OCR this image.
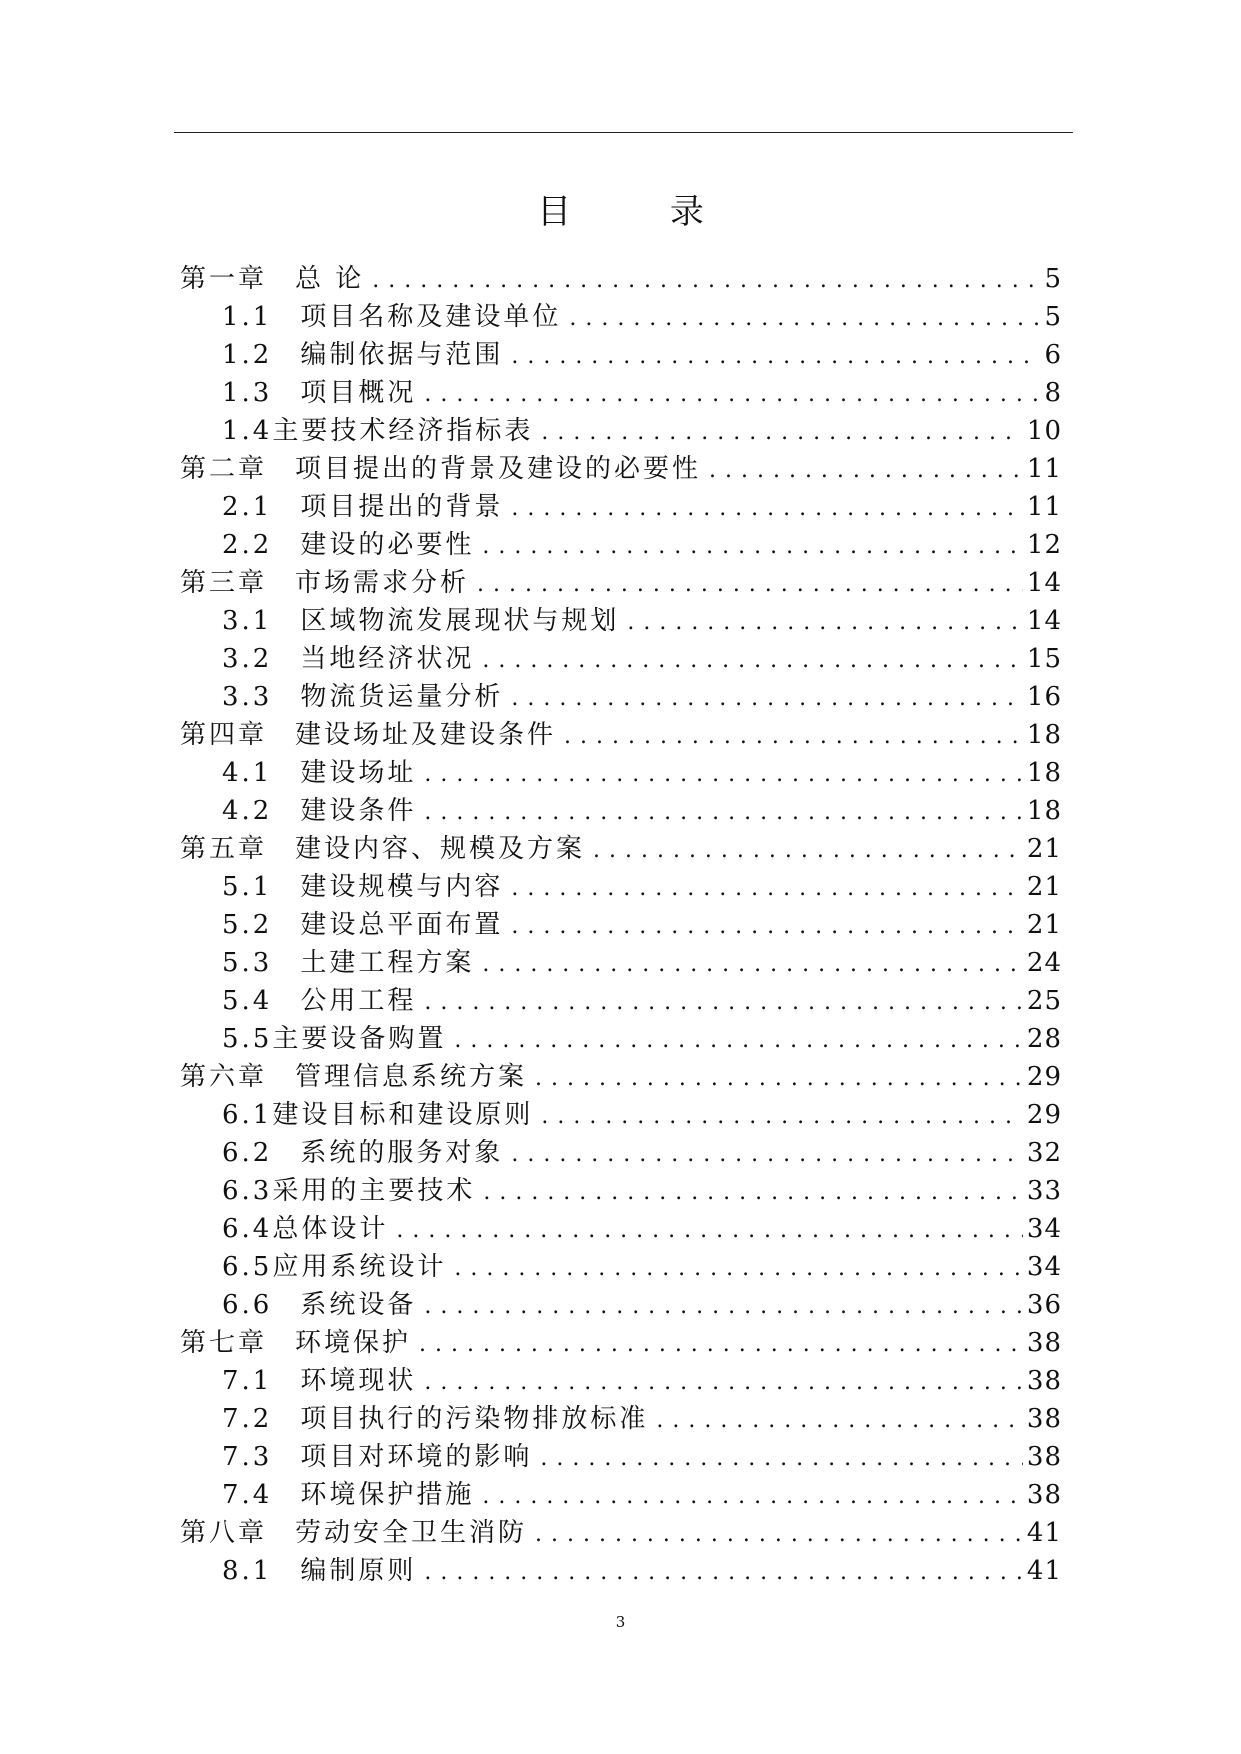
目 录
第一章 总 论 . . .	5
1.1 项目名称及建设单位 . . .	5
1.2 编制依据与范围 . . .	6
1.3 项目概况 . . .	8
1.4 主要技术经济指标表 . . .	10
第二章 项目提出的背景及建设的必要性 . . .	11
2.1 项目提出的背景 . . .	11
2.2 建设的必要性 . . .	12
第三章 市场需求分析 . . .	14
3.1 区域物流发展现状与规划 . . .	14
3.2 当地经济状况 . . .	15
3.3 物流货运量分析 . . .	16
第四章 建设场址及建设条件 . . .	18
4.1 建设场址 . . .	18
4.2 建设条件 . . .	18
第五章 建设内容、规模及方案 . . .	21
5.1 建设规模与内容 . . .	21
5.2 建设总平面布置 . . .	21
5.3 土建工程方案 . . .	24
5.4 公用工程 . . .	25
5.5 主要设备购置 . . .	28
第六章 管理信息系统方案 . . .	29
6.1 建设目标和建设原则 . . .	29
6.2 系统的服务对象 . . .	32
6.3 采用的主要技术 . . .	33
6.4 总体设计 . . .	34
6.5 应用系统设计 . . .	34
6.6 系统设备 . . .	36
第七章 环境保护 . . .	38
7.1 环境现状 . . .	38
7.2 项目执行的污染物排放标准 . . .	38
7.3 项目对环境的影响 . . .	38
7.4 环境保护措施 . . .	38
第八章 劳动安全卫生消防 . . .	41
8.1 编制原则 . . .	41
3
